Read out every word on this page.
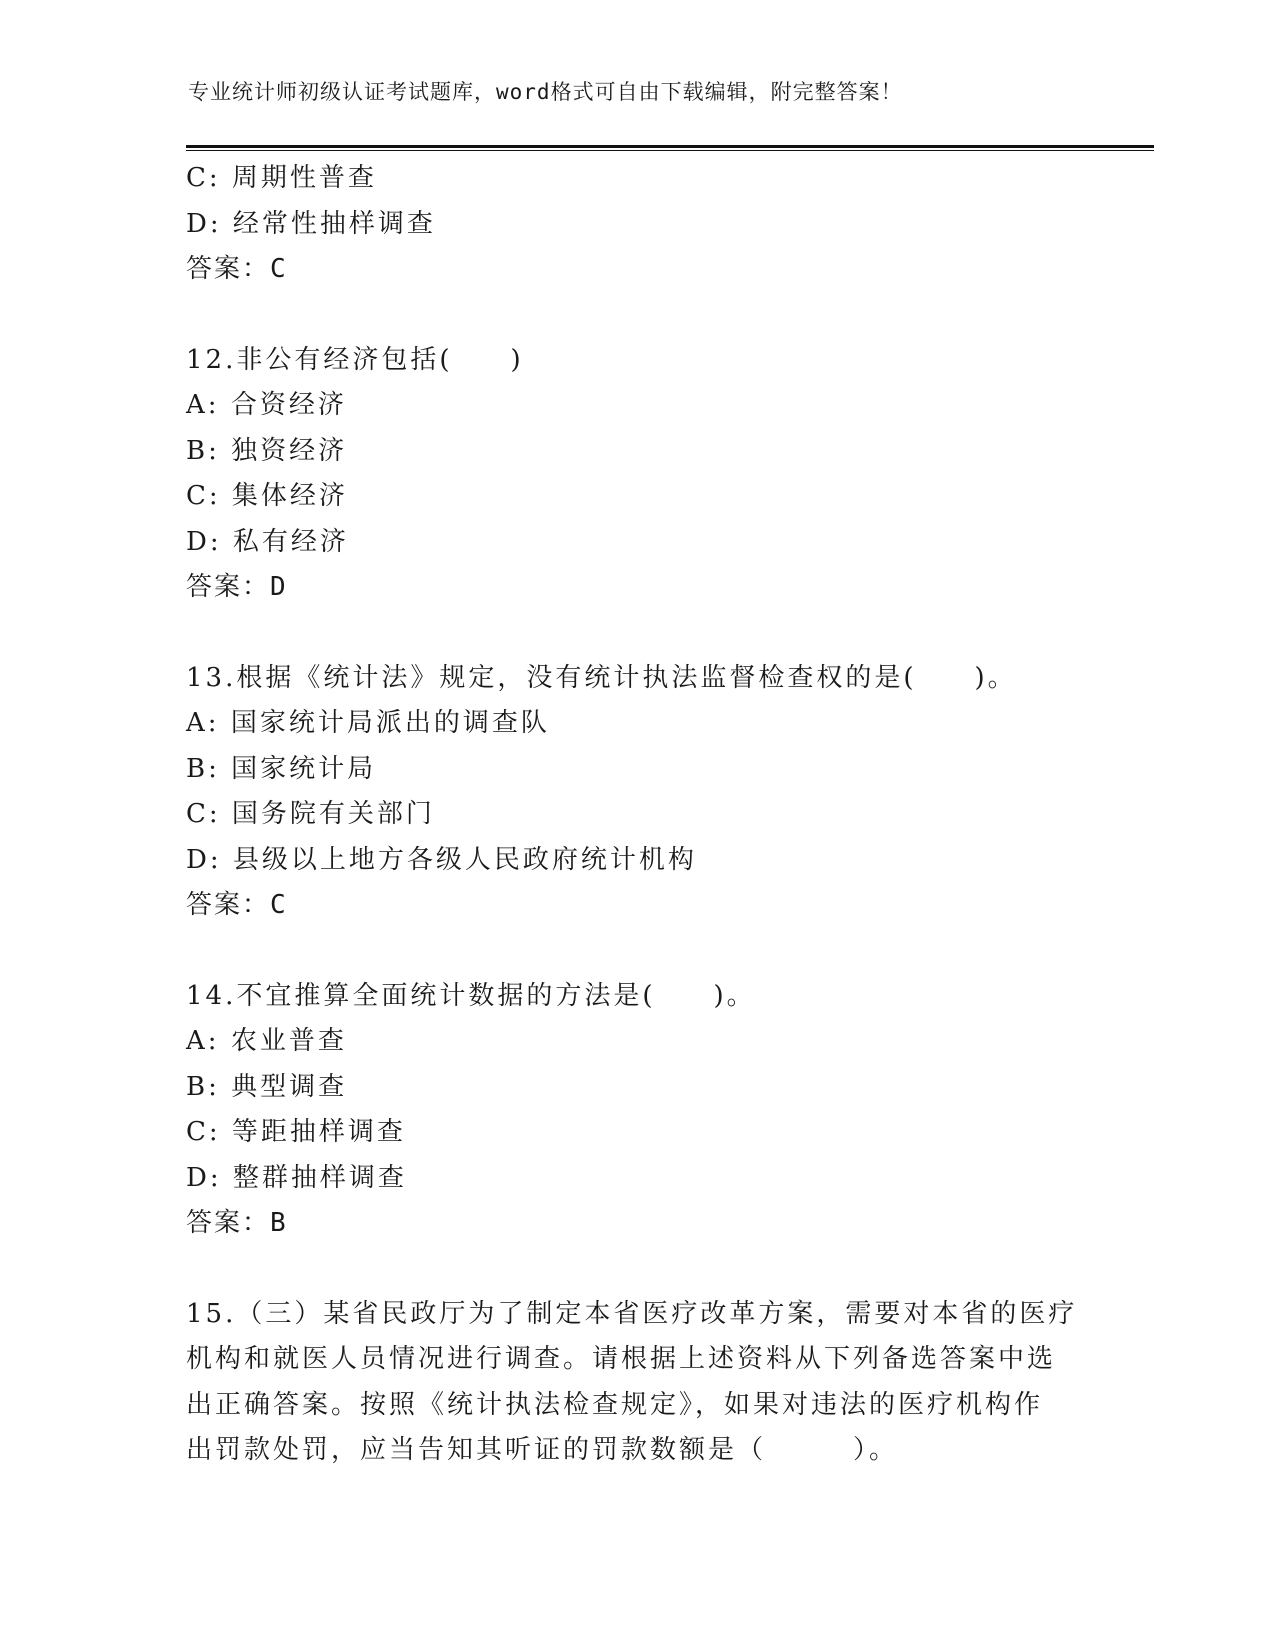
专业统计师初级认证考试题库，word格式可自由下载编辑，附完整答案！
C: 周期性普查
D: 经常性抽样调查
答案：C
12.非公有经济包括(　　)
A: 合资经济
B: 独资经济
C: 集体经济
D: 私有经济
答案：D
13.根据《统计法》规定，没有统计执法监督检查权的是(　　)。
A: 国家统计局派出的调查队
B: 国家统计局
C: 国务院有关部门
D: 县级以上地方各级人民政府统计机构
答案：C
14.不宜推算全面统计数据的方法是(　　)。
A: 农业普查
B: 典型调查
C: 等距抽样调查
D: 整群抽样调查
答案：B
15.（三）某省民政厅为了制定本省医疗改革方案，需要对本省的医疗
机构和就医人员情况进行调查。请根据上述资料从下列备选答案中选
出正确答案。按照《统计执法检查规定》，如果对违法的医疗机构作
出罚款处罚，应当告知其听证的罚款数额是（　　　）。
